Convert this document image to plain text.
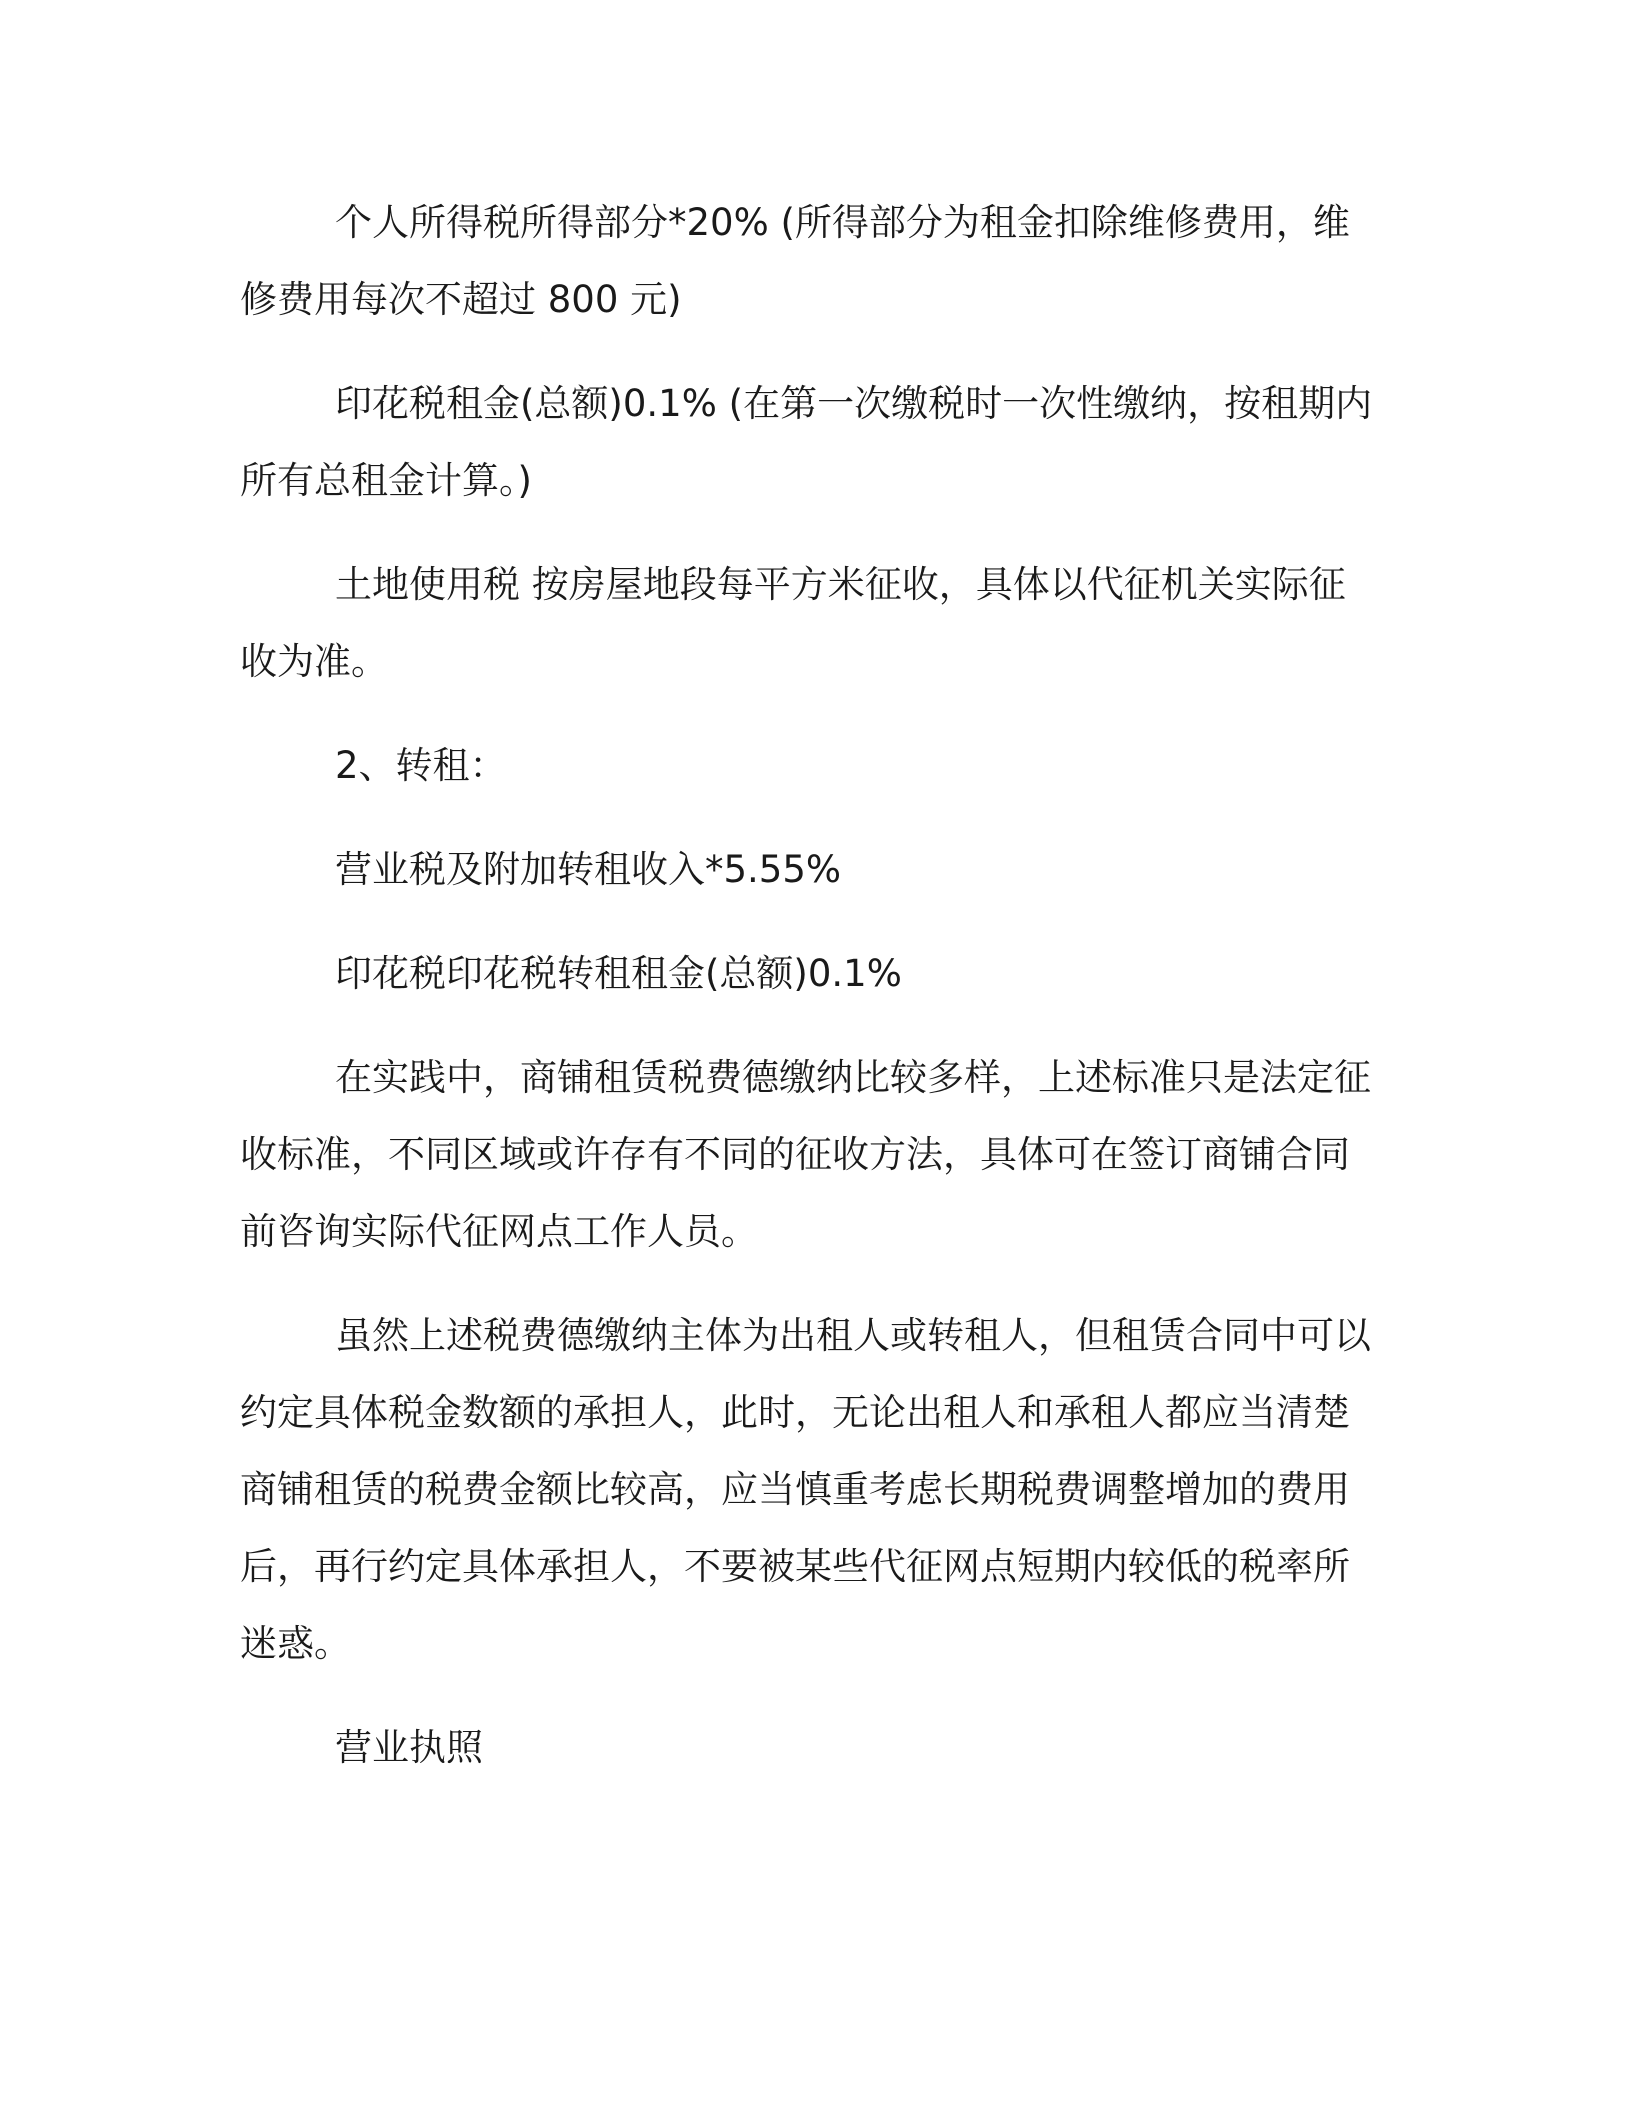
个人所得税所得部分*20% (所得部分为租金扣除维修费用，维修费用每次不超过 800 元)

印花税租金(总额)0.1% (在第一次缴税时一次性缴纳，按租期内所有总租金计算。)

土地使用税 按房屋地段每平方米征收，具体以代征机关实际征收为准。

2、转租：

营业税及附加转租收入*5.55%

印花税印花税转租租金(总额)0.1%

在实践中，商铺租赁税费德缴纳比较多样，上述标准只是法定征收标准，不同区域或许存有不同的征收方法，具体可在签订商铺合同前咨询实际代征网点工作人员。

虽然上述税费德缴纳主体为出租人或转租人，但租赁合同中可以约定具体税金数额的承担人，此时，无论出租人和承租人都应当清楚商铺租赁的税费金额比较高，应当慎重考虑长期税费调整增加的费用后，再行约定具体承担人，不要被某些代征网点短期内较低的税率所迷惑。

营业执照
